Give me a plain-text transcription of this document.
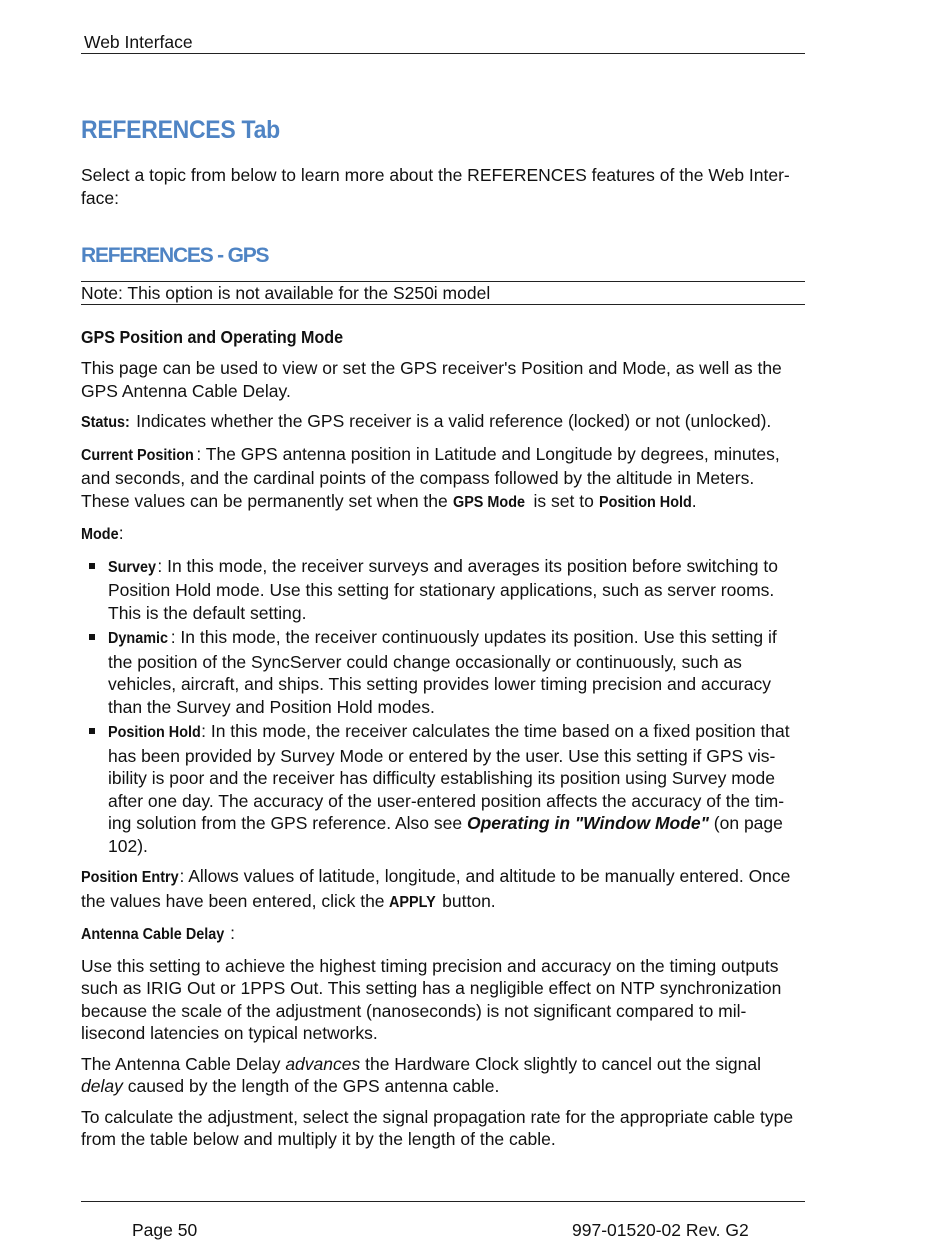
Web Interface
REFERENCES Tab

Select a topic from below to learn more about the REFERENCES features of the Web Inter-face:

REFERENCES - GPS

Note: This option is not available for the S250i model

GPS Position and Operating Mode

This page can be used to view or set the GPS receiver's Position and Mode, as well as the GPS Antenna Cable Delay.

Status: Indicates whether the GPS receiver is a valid reference (locked) or not (unlocked).

Current Position : The GPS antenna position in Latitude and Longitude by degrees, minutes, and seconds, and the cardinal points of the compass followed by the altitude in Meters. These values can be permanently set when the GPS Mode is set to Position Hold.

Mode:

Survey: In this mode, the receiver surveys and averages its position before switching to Position Hold mode. Use this setting for stationary applications, such as server rooms. This is the default setting.
Dynamic : In this mode, the receiver continuously updates its position. Use this setting if the position of the SyncServer could change occasionally or continuously, such as vehicles, aircraft, and ships. This setting provides lower timing precision and accuracy than the Survey and Position Hold modes.
Position Hold: In this mode, the receiver calculates the time based on a fixed position that has been provided by Survey Mode or entered by the user. Use this setting if GPS vis-ibility is poor and the receiver has difficulty establishing its position using Survey mode after one day. The accuracy of the user-entered position affects the accuracy of the tim-ing solution from the GPS reference. Also see Operating in "Window Mode" (on page 102).

Position Entry: Allows values of latitude, longitude, and altitude to be manually entered. Once the values have been entered, click the APPLY button.

Antenna Cable Delay :

Use this setting to achieve the highest timing precision and accuracy on the timing outputs such as IRIG Out or 1PPS Out. This setting has a negligible effect on NTP synchronization because the scale of the adjustment (nanoseconds) is not significant compared to mil-lisecond latencies on typical networks.

The Antenna Cable Delay advances the Hardware Clock slightly to cancel out the signal delay caused by the length of the GPS antenna cable.

To calculate the adjustment, select the signal propagation rate for the appropriate cable type from the table below and multiply it by the length of the cable.

Page 50	997-01520-02 Rev. G2
